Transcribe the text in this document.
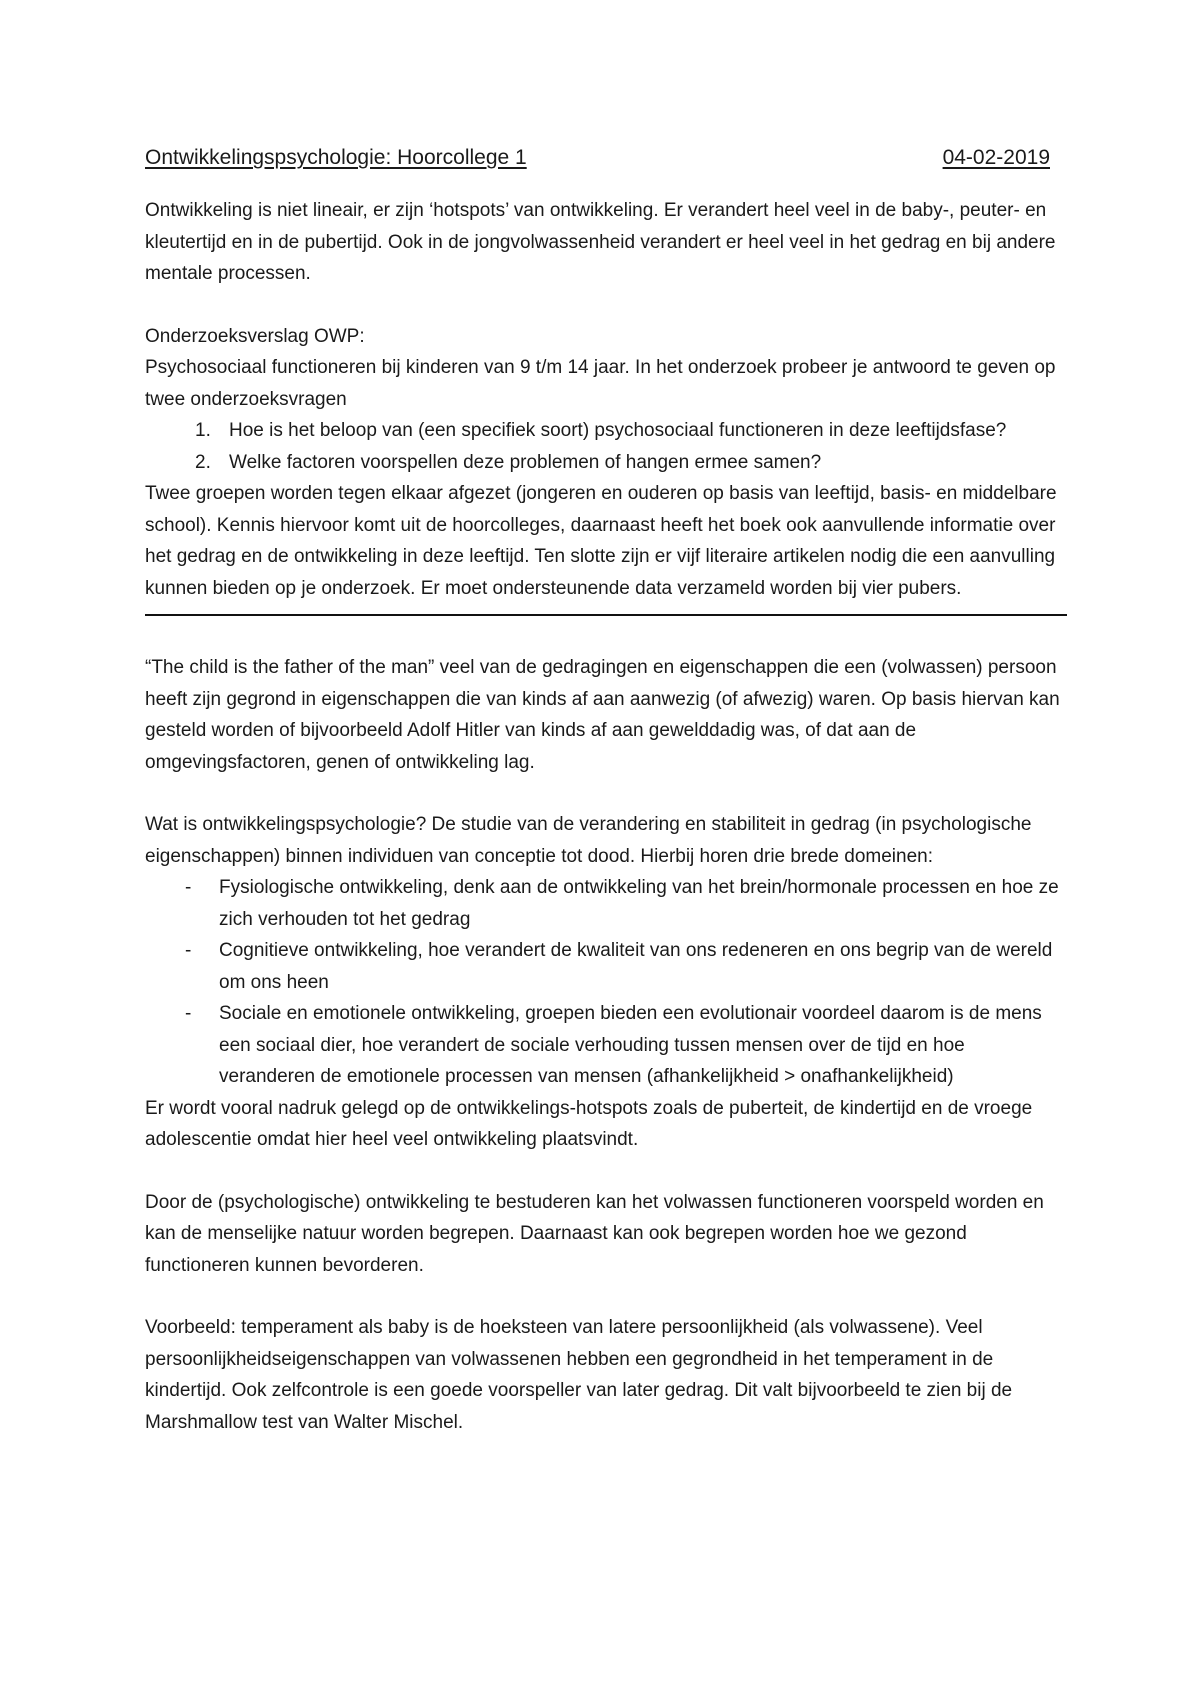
Ontwikkelingspsychologie: Hoorcollege 1	04-02-2019

Ontwikkeling is niet lineair, er zijn ‘hotspots’ van ontwikkeling. Er verandert heel veel in de baby-, peuter- en kleutertijd en in de pubertijd. Ook in de jongvolwassenheid verandert er heel veel in het gedrag en bij andere mentale processen.

Onderzoeksverslag OWP:

Psychosociaal functioneren bij kinderen van 9 t/m 14 jaar. In het onderzoek probeer je antwoord te geven op twee onderzoeksvragen

1. Hoe is het beloop van (een specifiek soort) psychosociaal functioneren in deze leeftijdsfase?
2. Welke factoren voorspellen deze problemen of hangen ermee samen?

Twee groepen worden tegen elkaar afgezet (jongeren en ouderen op basis van leeftijd, basis- en middelbare school). Kennis hiervoor komt uit de hoorcolleges, daarnaast heeft het boek ook aanvullende informatie over het gedrag en de ontwikkeling in deze leeftijd. Ten slotte zijn er vijf literaire artikelen nodig die een aanvulling kunnen bieden op je onderzoek. Er moet ondersteunende data verzameld worden bij vier pubers.

“The child is the father of the man” veel van de gedragingen en eigenschappen die een (volwassen) persoon heeft zijn gegrond in eigenschappen die van kinds af aan aanwezig (of afwezig) waren. Op basis hiervan kan gesteld worden of bijvoorbeeld Adolf Hitler van kinds af aan gewelddadig was, of dat aan de omgevingsfactoren, genen of ontwikkeling lag.

Wat is ontwikkelingspsychologie? De studie van de verandering en stabiliteit in gedrag (in psychologische eigenschappen) binnen individuen van conceptie tot dood. Hierbij horen drie brede domeinen:

-	Fysiologische ontwikkeling, denk aan de ontwikkeling van het brein/hormonale processen en hoe ze zich verhouden tot het gedrag
-	Cognitieve ontwikkeling, hoe verandert de kwaliteit van ons redeneren en ons begrip van de wereld om ons heen
-	Sociale en emotionele ontwikkeling, groepen bieden een evolutionair voordeel daarom is de mens een sociaal dier, hoe verandert de sociale verhouding tussen mensen over de tijd en hoe veranderen de emotionele processen van mensen (afhankelijkheid > onafhankelijkheid)

Er wordt vooral nadruk gelegd op de ontwikkelings-hotspots zoals de puberteit, de kindertijd en de vroege adolescentie omdat hier heel veel ontwikkeling plaatsvindt.

Door de (psychologische) ontwikkeling te bestuderen kan het volwassen functioneren voorspeld worden en kan de menselijke natuur worden begrepen. Daarnaast kan ook begrepen worden hoe we gezond functioneren kunnen bevorderen.

Voorbeeld: temperament als baby is de hoeksteen van latere persoonlijkheid (als volwassene). Veel persoonlijkheidseigenschappen van volwassenen hebben een gegrondheid in het temperament in de kindertijd. Ook zelfcontrole is een goede voorspeller van later gedrag. Dit valt bijvoorbeeld te zien bij de Marshmallow test van Walter Mischel.
